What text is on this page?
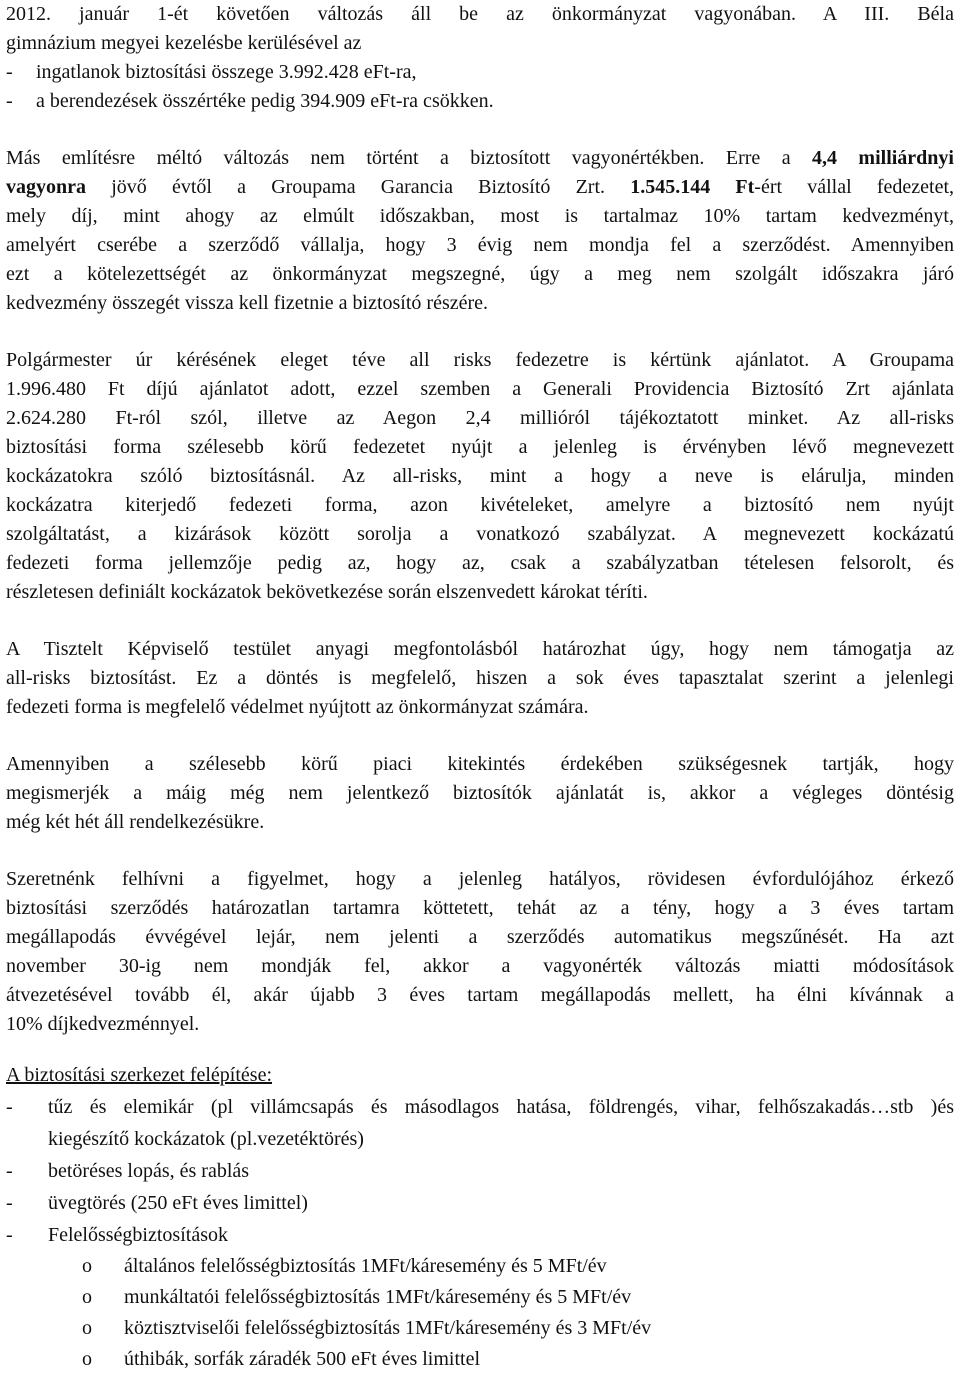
2012. január 1-ét követően változás áll be az önkormányzat vagyonában. A III. Béla
gimnázium megyei kezelésbe kerülésével az
-	ingatlanok biztosítási összege 3.992.428 eFt-ra,
-	a berendezések összértéke pedig 394.909 eFt-ra csökken.
Más említésre méltó változás nem történt a biztosított vagyonértékben. Erre a 4,4 milliárdnyi
vagyonra jövő évtől a Groupama Garancia Biztosító Zrt. 1.545.144 Ft-ért vállal fedezetet,
mely díj, mint ahogy az elmúlt időszakban, most is tartalmaz 10% tartam kedvezményt,
amelyért cserébe a szerződő vállalja, hogy 3 évig nem mondja fel a szerződést. Amennyiben
ezt a kötelezettségét az önkormányzat megszegné, úgy a meg nem szolgált időszakra járó
kedvezmény összegét vissza kell fizetnie a biztosító részére.
Polgármester úr kérésének eleget téve all risks fedezetre is kértünk ajánlatot. A Groupama
1.996.480 Ft díjú ajánlatot adott, ezzel szemben a Generali Providencia Biztosító Zrt ajánlata
2.624.280 Ft-ról szól, illetve az Aegon 2,4 millióról tájékoztatott minket. Az all-risks
biztosítási forma szélesebb körű fedezetet nyújt a jelenleg is érvényben lévő megnevezett
kockázatokra szóló biztosításnál. Az all-risks, mint a hogy a neve is elárulja, minden
kockázatra kiterjedő fedezeti forma, azon kivételeket, amelyre a biztosító nem nyújt
szolgáltatást, a kizárások között sorolja a vonatkozó szabályzat. A megnevezett kockázatú
fedezeti forma jellemzője pedig az, hogy az, csak a szabályzatban tételesen felsorolt, és
részletesen definiált kockázatok bekövetkezése során elszenvedett károkat téríti.
A Tisztelt Képviselő testület anyagi megfontolásból határozhat úgy, hogy nem támogatja az
all-risks biztosítást. Ez a döntés is megfelelő, hiszen a sok éves tapasztalat szerint a jelenlegi
fedezeti forma is megfelelő védelmet nyújtott az önkormányzat számára.
Amennyiben a szélesebb körű piaci kitekintés érdekében szükségesnek tartják, hogy
megismerjék a máig még nem jelentkező biztosítók ajánlatát is, akkor a végleges döntésig
még két hét áll rendelkezésükre.
Szeretnénk felhívni a figyelmet, hogy a jelenleg hatályos, rövidesen évfordulójához érkező
biztosítási szerződés határozatlan tartamra köttetett, tehát az a tény, hogy a 3 éves tartam
megállapodás évvégével lejár, nem jelenti a szerződés automatikus megszűnését. Ha azt
november 30-ig nem mondják fel, akkor a vagyonérték változás miatti módosítások
átvezetésével tovább él, akár újabb 3 éves tartam megállapodás mellett, ha élni kívánnak a
10% díjkedvezménnyel.
A biztosítási szerkezet felépítése:
-	tűz és elemikár (pl villámcsapás és másodlagos hatása, földrengés, vihar, felhőszakadás…stb )és
kiegészítő kockázatok (pl.vezetéktörés)
-	betöréses lopás, és rablás
-	üvegtörés (250 eFt éves limittel)
-	Felelősségbiztosítások
o	általános felelősségbiztosítás 1MFt/káresemény és 5 MFt/év
o	munkáltatói felelősségbiztosítás 1MFt/káresemény és 5 MFt/év
o	köztisztviselői felelősségbiztosítás 1MFt/káresemény és 3 MFt/év
o	úthibák, sorfák záradék 500 eFt éves limittel
